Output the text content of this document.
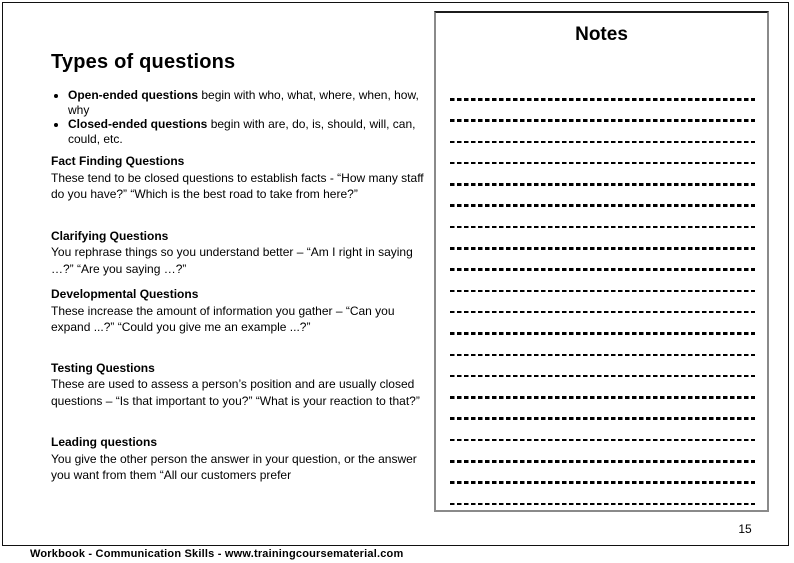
Types of questions
• Open-ended questions begin with who, what, where, when, how, why
• Closed-ended questions begin with are, do, is, should, will, can, could, etc.
Fact Finding Questions

These tend to be closed questions to establish facts - “How many staff do you have?” “Which is the best road to take from here?”

Clarifying Questions

You rephrase things so you understand better – “Am I right in saying …?” “Are you saying …?”

Developmental Questions

These increase the amount of information you gather – “Can you expand ...?” “Could you give me an example ...?”

Testing Questions

These are used to assess a person’s position and are usually closed questions – “Is that important to you?” “What is your reaction to that?”

Leading questions

You give the other person the answer in your question, or the answer you want from them “All our customers prefer

Notes
15
Workbook - Communication Skills - www.trainingcoursematerial.com
